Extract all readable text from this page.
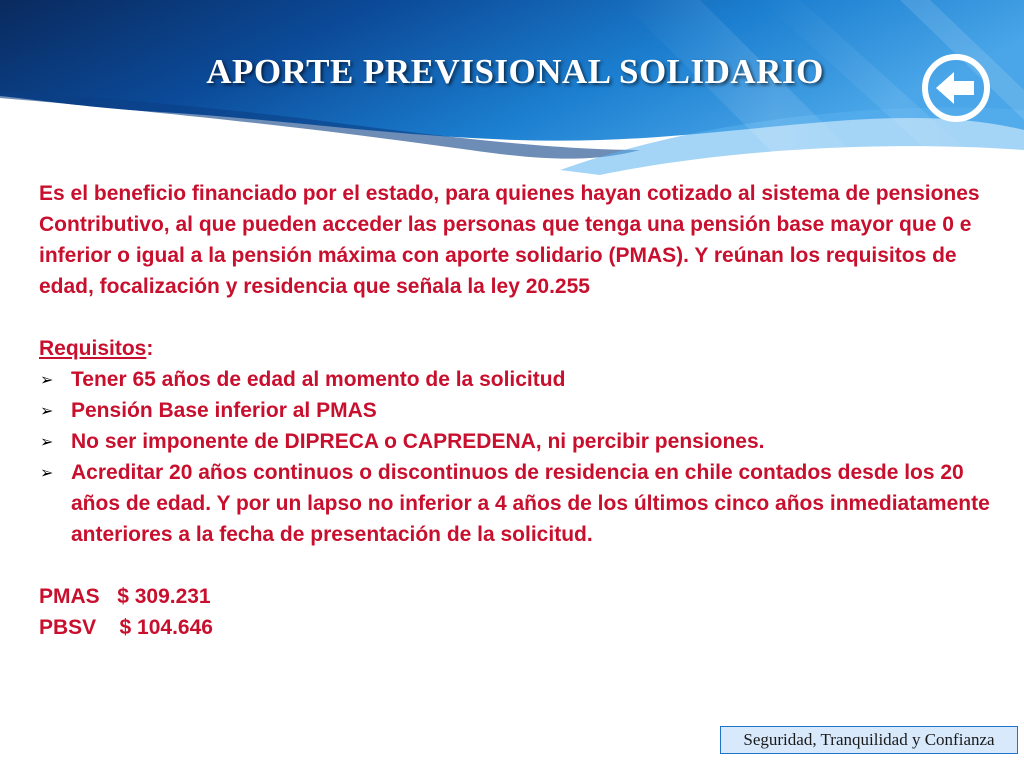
APORTE PREVISIONAL SOLIDARIO

Es el beneficio financiado por el estado, para quienes hayan cotizado al sistema de pensiones Contributivo, al que pueden acceder las personas que tenga una pensión base mayor que 0 e inferior o igual a la pensión máxima con aporte solidario (PMAS). Y reúnan los requisitos de edad, focalización y residencia que señala la ley 20.255

Requisitos:
➢ Tener 65 años de edad al momento de la solicitud
➢ Pensión Base inferior al PMAS
➢ No ser imponente de DIPRECA o CAPREDENA, ni percibir pensiones.
➢ Acreditar 20 años continuos o discontinuos de residencia en chile contados desde los 20 años de edad. Y por un lapso no inferior a 4 años de los últimos cinco años inmediatamente anteriores a la fecha de presentación de la solicitud.
PMAS   $ 309.231
PBSV    $ 104.646
Seguridad, Tranquilidad y Confianza
